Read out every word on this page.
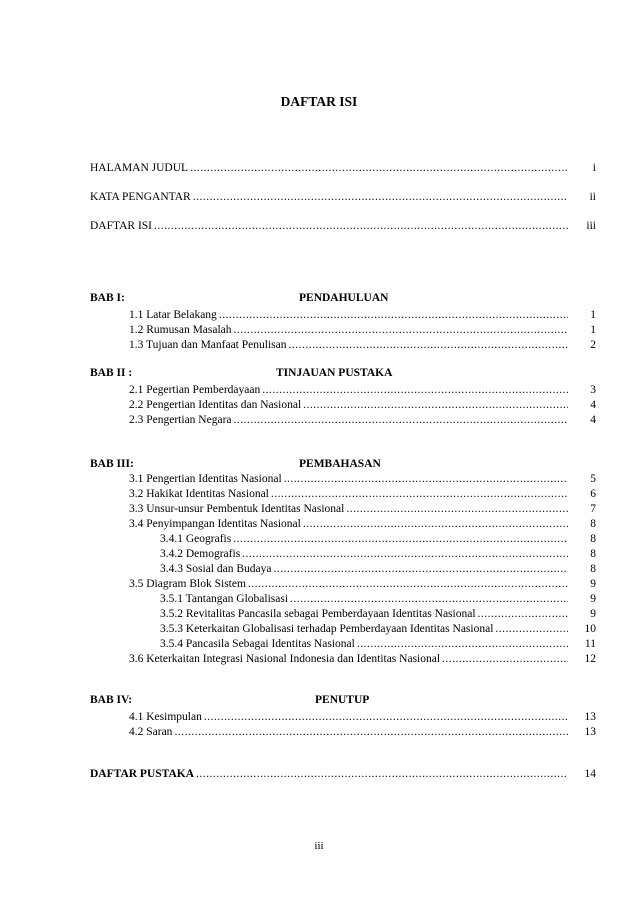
DAFTAR ISI
HALAMAN JUDUL .....	i
KATA PENGANTAR .....	ii
DAFTAR ISI .....	iii
BAB I:	PENDAHULUAN
1.1 Latar Belakang .....	1
1.2 Rumusan Masalah .....	1
1.3 Tujuan dan Manfaat Penulisan .....	2
BAB II :	TINJAUAN PUSTAKA
2.1 Pegertian Pemberdayaan .....	3
2.2 Pengertian Identitas dan Nasional .....	4
2.3 Pengertian Negara .....	4
BAB III:	PEMBAHASAN
3.1 Pengertian Identitas Nasional .....	5
3.2 Hakikat Identitas Nasional .....	6
3.3 Unsur-unsur Pembentuk Identitas Nasional .....	7
3.4 Penyimpangan Identitas Nasional .....	8
3.4.1 Geografis .....	8
3.4.2 Demografis .....	8
3.4.3 Sosial dan Budaya .....	8
3.5 Diagram Blok Sistem .....	9
3.5.1 Tantangan Globalisasi .....	9
3.5.2 Revitalitas Pancasila sebagai Pemberdayaan Identitas Nasional .....	9
3.5.3 Keterkaitan Globalisasi terhadap Pemberdayaan Identitas Nasional .....	10
3.5.4 Pancasila Sebagai Identitas Nasional .....	11
3.6 Keterkaitan Integrasi Nasional Indonesia dan Identitas Nasional .....	12
BAB IV:	PENUTUP
4.1 Kesimpulan .....	13
4.2 Saran .....	13
DAFTAR PUSTAKA .....	14
iii
